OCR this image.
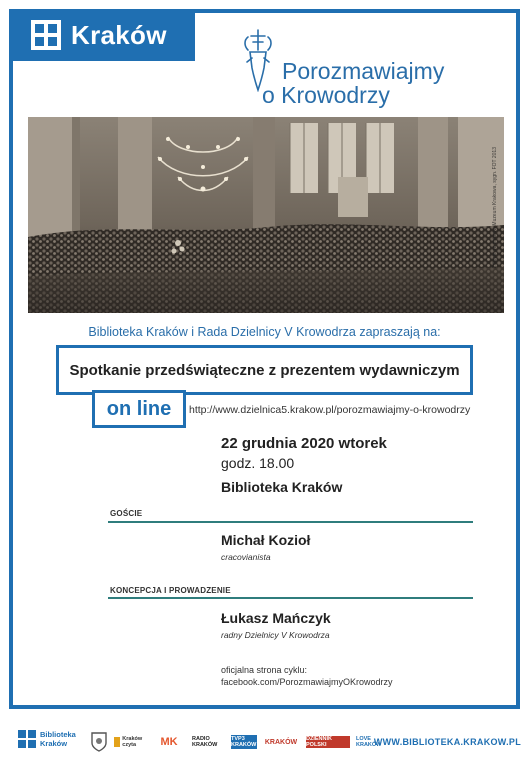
Kraków
Porozmawiajmy
o Krowodrzy
Zdjęcie ze zbiorów Muzeum Krakowa, sygn. FOT 2013
Biblioteka Kraków i Rada Dzielnicy V Krowodrza zapraszają na:
Spotkanie przedświąteczne z prezentem wydawniczym
on line http://www.dzielnica5.krakow.pl/porozmawiajmy-o-krowodrzy
22 grudnia 2020 wtorek
godz. 18.00
Biblioteka Kraków
GOŚCIE
Michał Kozioł
cracovianista
KONCEPCJA I PROWADZENIE
Łukasz Mańczyk
radny Dzielnicy V Krowodrza
oficjalna strona cyklu:
facebook.com/PorozmawiajmyOKrowodrzy
Biblioteka
Kraków	Kraków czyta	MK	RADIO KRAKÓW
TVP3 KRAKÓW	KRAKÓW	DZIENNIK POLSKI
LOVE KRAKÓW
WWW.BIBLIOTEKA.KRAKOW.PL
